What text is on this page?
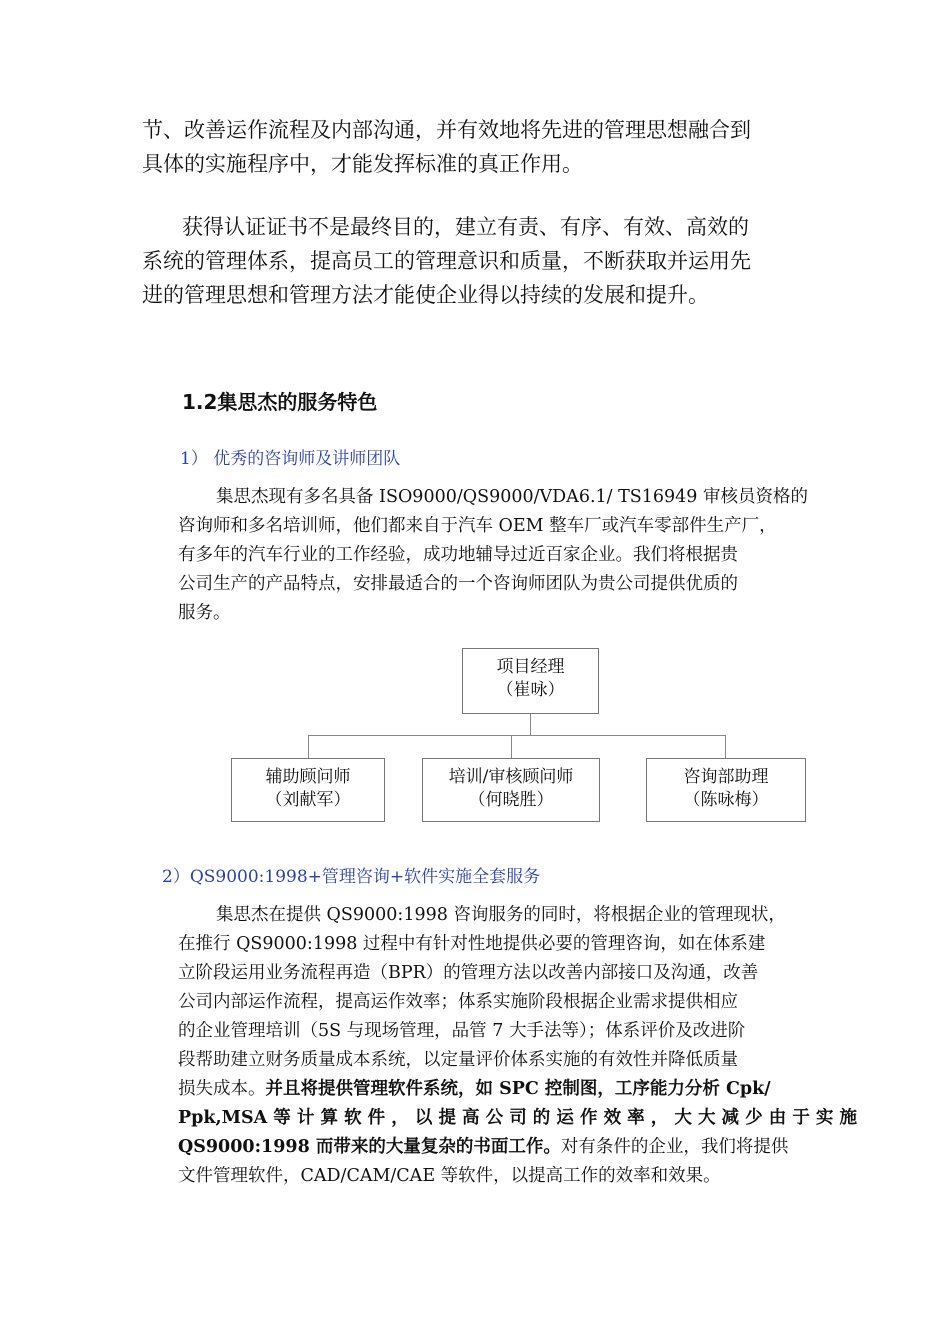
节、改善运作流程及内部沟通，并有效地将先进的管理思想融合到
具体的实施程序中，才能发挥标准的真正作用。
获得认证证书不是最终目的，建立有责、有序、有效、高效的
系统的管理体系，提高员工的管理意识和质量，不断获取并运用先
进的管理思想和管理方法才能使企业得以持续的发展和提升。
1.2集思杰的服务特色
1） 优秀的咨询师及讲师团队
集思杰现有多名具备 ISO9000/QS9000/VDA6.1/ TS16949 审核员资格的
咨询师和多名培训师，他们都来自于汽车 OEM 整车厂或汽车零部件生产厂，
有多年的汽车行业的工作经验，成功地辅导过近百家企业。我们将根据贵
公司生产的产品特点，安排最适合的一个咨询师团队为贵公司提供优质的
服务。
项目经理
（崔咏）
辅助顾问师
（刘献军）
培训/审核顾问师
（何晓胜）
咨询部助理
（陈咏梅）
2）QS9000:1998+管理咨询+软件实施全套服务
集思杰在提供 QS9000:1998 咨询服务的同时，将根据企业的管理现状，
在推行 QS9000:1998 过程中有针对性地提供必要的管理咨询，如在体系建
立阶段运用业务流程再造（BPR）的管理方法以改善内部接口及沟通，改善
公司内部运作流程，提高运作效率；体系实施阶段根据企业需求提供相应
的企业管理培训（5S 与现场管理，品管 7 大手法等）；体系评价及改进阶
段帮助建立财务质量成本系统，以定量评价体系实施的有效性并降低质量
损失成本。并且将提供管理软件系统，如 SPC 控制图，工序能力分析 Cpk/
Ppk,MSA 等 计 算 软 件 ， 以 提 高 公 司 的 运 作 效 率 ， 大 大 减 少 由 于 实 施
QS9000:1998 而带来的大量复杂的书面工作。对有条件的企业，我们将提供
文件管理软件，CAD/CAM/CAE 等软件，以提高工作的效率和效果。
